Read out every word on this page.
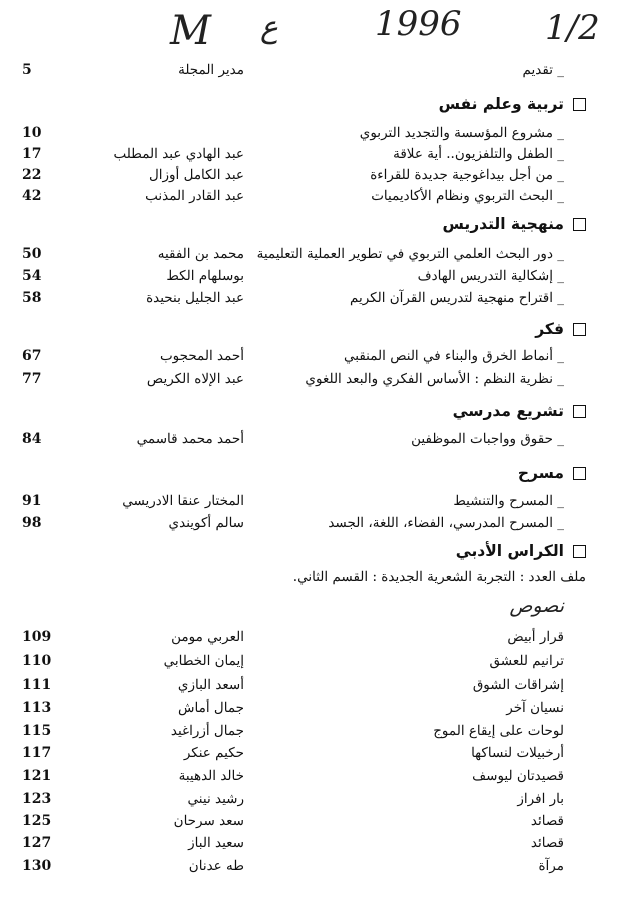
M ع	1996 1/2
_ تقديم
مدير المجلة
5
تربية وعلم نفس
_ مشروع المؤسسة والتجديد التربوي
10
_ الطفل والتلفزيون.. أية علاقة
عبد الهادي عبد المطلب
17
_ من أجل بيداغوجية جديدة للقراءة
عبد الكامل أوزال
22
_ البحث التربوي ونظام الأكاديميات
عبد القادر المذنب
42
منهجية التدريس
_ دور البحث العلمي التربوي في تطوير العملية التعليمية
محمد بن الفقيه
50
_ إشكالية التدريس الهادف
بوسلهام الكط
54
_ اقتراح منهجية لتدريس القرآن الكريم
عبد الجليل بنحيدة
58
فكر
_ أنماط الخرق والبناء في النص المنقبي
أحمد المحجوب
67
_ نظرية النظم : الأساس الفكري والبعد اللغوي
عبد الإلاه الكريص
77
تشريع مدرسي
_ حقوق وواجبات الموظفين
أحمد محمد قاسمي
84
مسرح
_ المسرح والتنشيط
المختار عنقا الادريسي
91
_ المسرح المدرسي، الفضاء، اللغة، الجسد
سالم أكويندي
98
الكراس الأدبي
ملف العدد : التجربة الشعرية الجديدة : القسم الثاني.
نصوص
قرار أبيض
العربي مومن
109
ترانيم للعشق
إيمان الخطابي
110
إشراقات الشوق
أسعد البازي
111
نسيان آخر
جمال أماش
113
لوحات على إيقاع الموج
جمال أزراغيد
115
أرخبيلات لنساكها
حكيم عنكر
117
قصيدتان ليوسف
خالد الدهيبة
121
بار افراز
رشيد نيني
123
قصائد
سعد سرحان
125
قصائد
سعيد الباز
127
مرآة
طه عدنان
130
